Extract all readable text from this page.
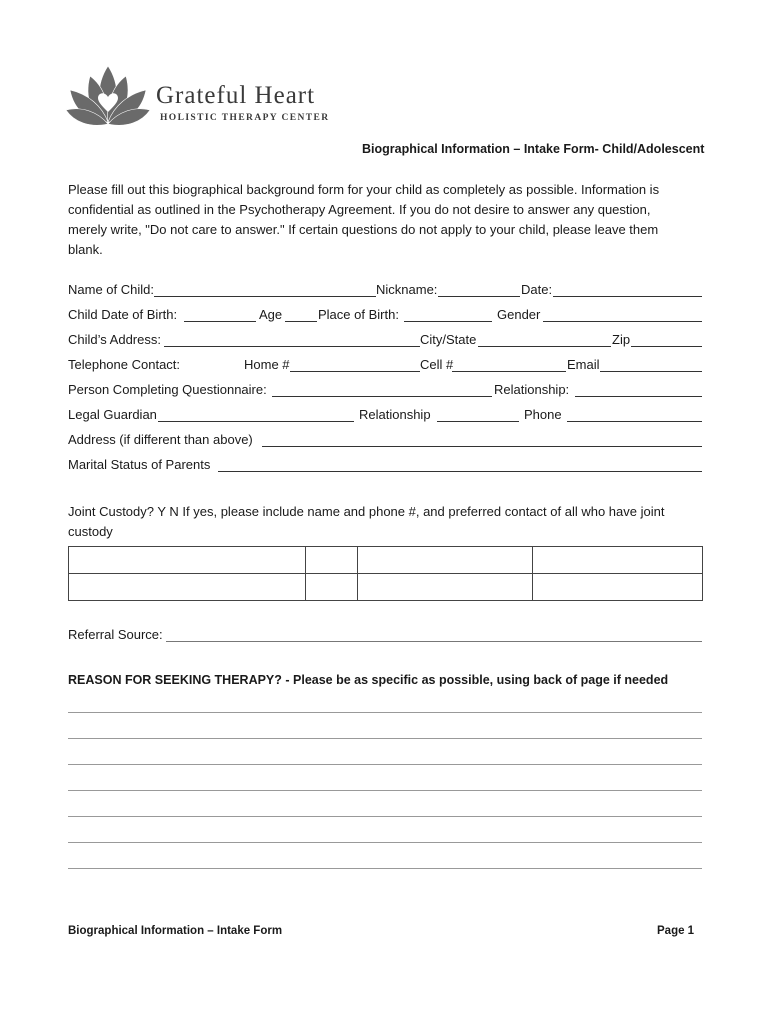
Grateful Heart
HOLISTIC THERAPY CENTER
Biographical Information – Intake Form- Child/Adolescent
Please fill out this biographical background form for your child as completely as possible. Information is confidential as outlined in the Psychotherapy Agreement. If you do not desire to answer any question, merely write, "Do not care to answer." If certain questions do not apply to your child, please leave them blank.
Name of Child:	Nickname:	Date:
Child Date of Birth:	Age	Place of Birth:	Gender
Child’s Address:	City/State	Zip
Telephone Contact:	Home #	Cell #	Email
Person Completing Questionnaire:	Relationship:
Legal Guardian	Relationship	Phone
Address (if different than above)
Marital Status of Parents
Joint Custody? Y N If yes, please include name and phone #, and preferred contact of all who have joint custody

Referral Source:
REASON FOR SEEKING THERAPY? - Please be as specific as possible, using back of page if needed
Biographical Information – Intake Form	Page 1
